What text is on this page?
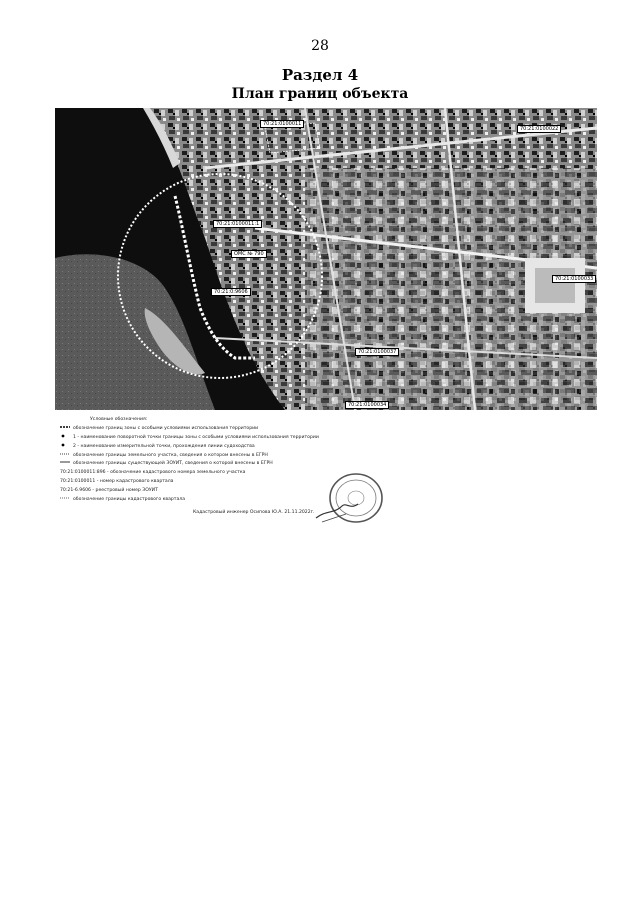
28
Раздел 4
План границ объекта
70:21:0100011
70:21:0100022
70:21:0100011:1
ОМС № 790
70:21:0:9606
70:21:0100033
70:21:0100037
70:21:0100034
Условные обозначения:
обозначение границ зоны с особыми условиями использования территории
1 - наименование поворотной точки границы зоны с особыми условиями использования территории
2 - наименование измерительной точки, прохождения линии судоходства
обозначение границы земельного участка, сведения о котором внесены в ЕГРН
обозначение границы существующей ЗОУИТ, сведения о которой внесены в ЕГРН
70:21:0100011:896 - обозначение кадастрового номера земельного участка
70:21:0100011 - номер кадастрового квартала
70:21-6.9606 - реестровый номер ЗОУИТ
обозначение границы кадастрового квартала
Кадастровый инженер Осипова Ю.А. 21.11.2022г.
